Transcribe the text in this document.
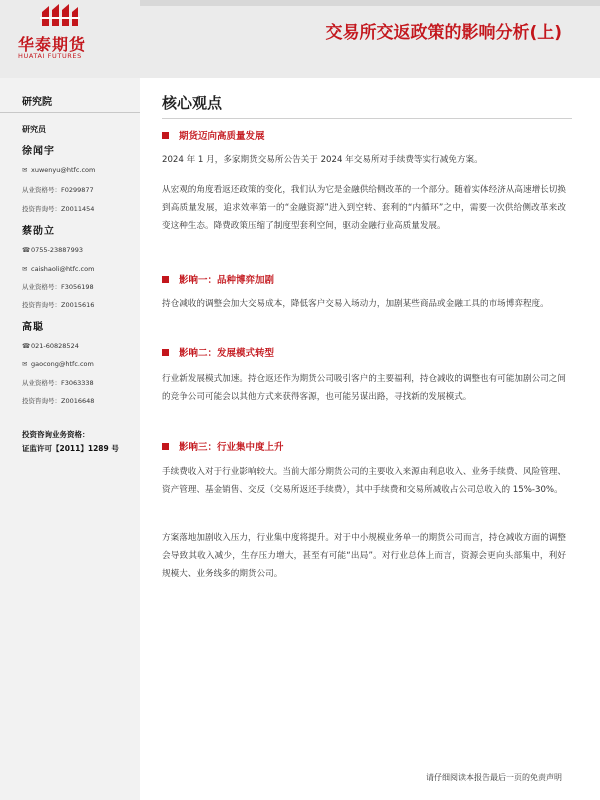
华泰期货
HUATAI FUTURES
交易所交返政策的影响分析(上)
研究院
研究员
徐闻宇
✉ xuwenyu@htfc.com
从业资格号：F0299877
投资咨询号：Z0011454
蔡劭立
☎0755-23887993
✉ caishaoli@htfc.com
从业资格号：F3056198
投资咨询号：Z0015616
高聪
☎021-60828524
✉ gaocong@htfc.com
从业资格号：F3063338
投资咨询号：Z0016648
投资咨询业务资格：
证监许可【2011】1289 号
核心观点
期货迈向高质量发展
2024 年 1 月，多家期货交易所公告关于 2024 年交易所对手续费等实行减免方案。
从宏观的角度看返还政策的变化，我们认为它是金融供给侧改革的一个部分。随着实体经济从高速增长切换到高质量发展，追求效率第一的“金融资源”进入到空转、套利的“内循环”之中，需要一次供给侧改革来改变这种生态。降费政策压缩了制度型套利空间，驱动金融行业高质量发展。
影响一：品种博弈加剧
持仓减收的调整会加大交易成本，降低客户交易入场动力，加剧某些商品或金融工具的市场博弈程度。
影响二：发展模式转型
行业新发展模式加速。持仓返还作为期货公司吸引客户的主要福利，持仓减收的调整也有可能加剧公司之间的竞争公司可能会以其他方式来获得客源，也可能另谋出路，寻找新的发展模式。
影响三：行业集中度上升
手续费收入对于行业影响较大。当前大部分期货公司的主要收入来源由利息收入、业务手续费、风险管理、资产管理、基金销售、交反（交易所返还手续费），其中手续费和交易所减收占公司总收入的 15%-30%。
方案落地加剧收入压力，行业集中度将提升。对于中小规模业务单一的期货公司而言，持仓减收方面的调整会导致其收入减少，生存压力增大，甚至有可能“出局”。对行业总体上而言，资源会更向头部集中，利好规模大、业务线多的期货公司。
请仔细阅读本报告最后一页的免责声明
